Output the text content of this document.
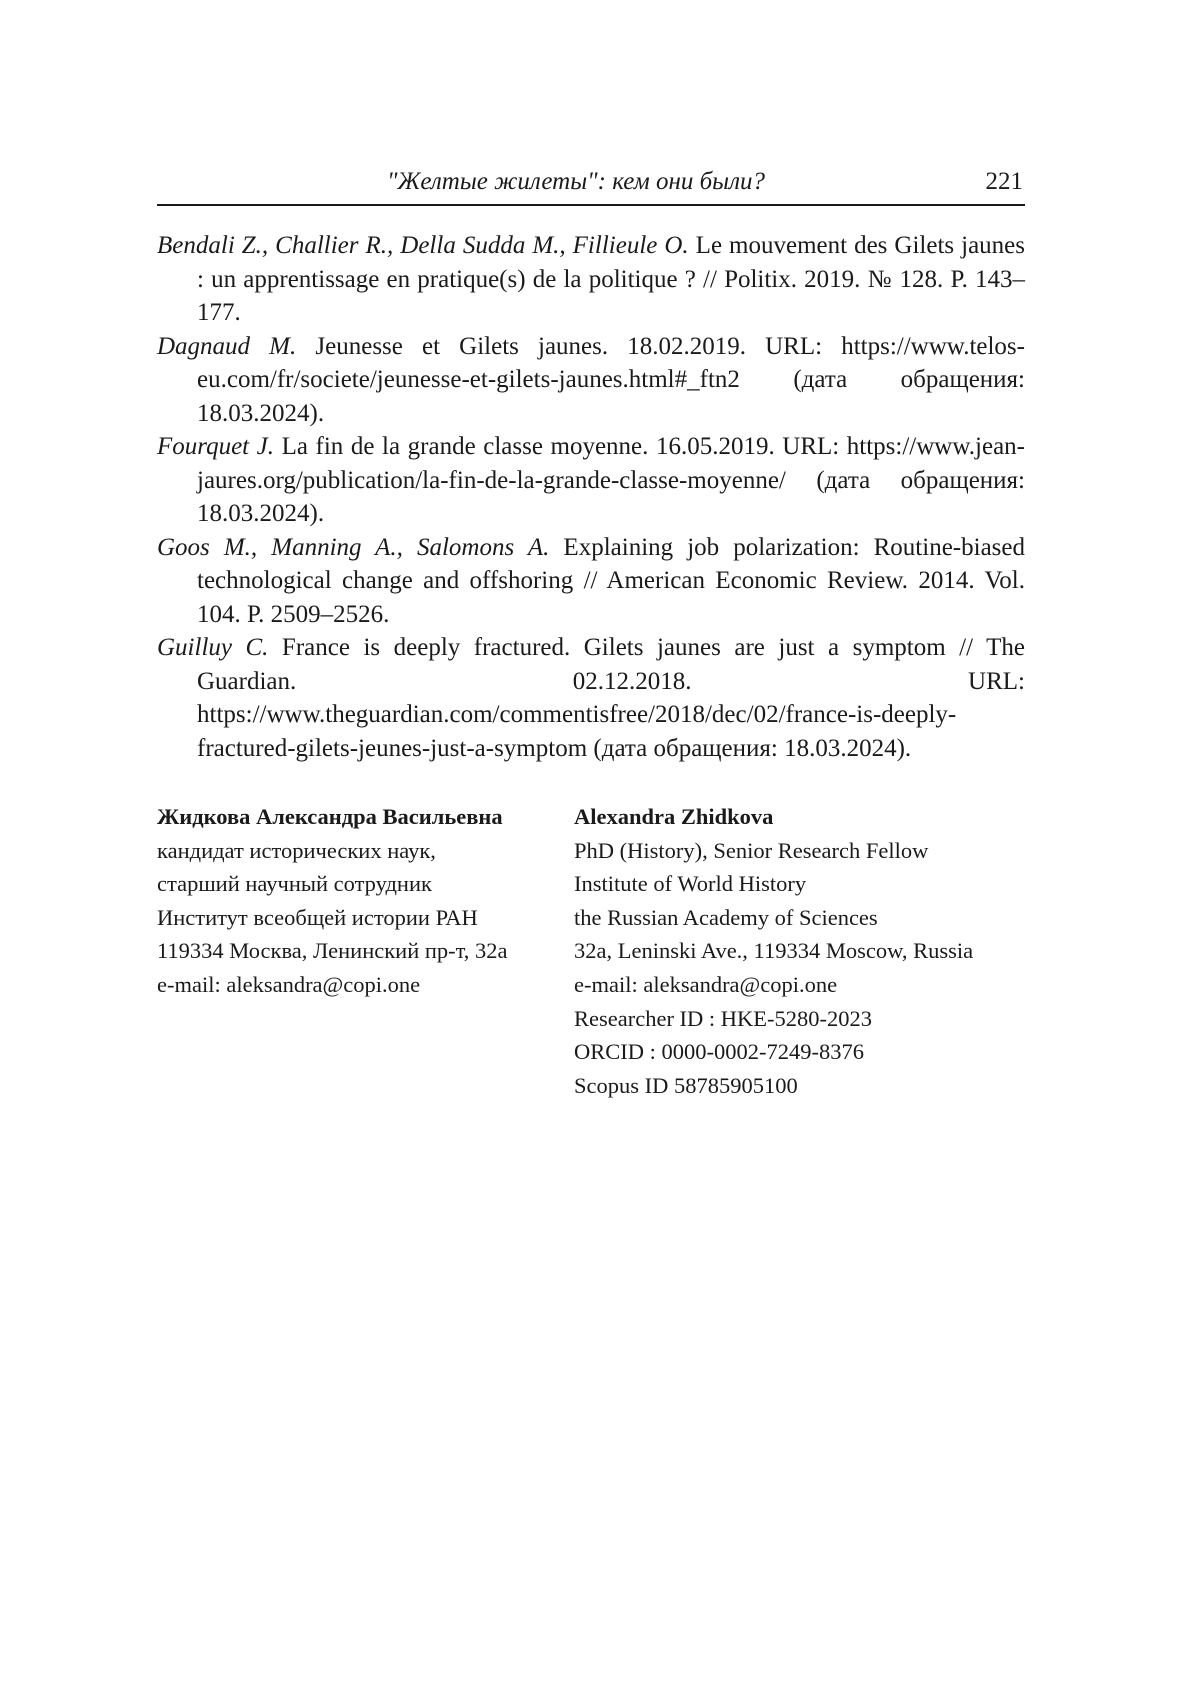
"Желтые жилеты": кем они были?	221

Bendali Z., Challier R., Della Sudda M., Fillieule O. Le mouvement des Gilets jaunes : un apprentissage en pratique(s) de la politique ? // Politix. 2019. № 128. P. 143–177.

Dagnaud M. Jeunesse et Gilets jaunes. 18.02.2019. URL: https://www.telos-eu.com/fr/societe/jeunesse-et-gilets-jaunes.html#_ftn2 (дата обращения: 18.03.2024).

Fourquet J. La fin de la grande classe moyenne. 16.05.2019. URL: https://www.jean-jaures.org/publication/la-fin-de-la-grande-classe-moyenne/ (дата обращения: 18.03.2024).

Goos M., Manning A., Salomons A. Explaining job polarization: Routine-biased technological change and offshoring // American Economic Review. 2014. Vol. 104. P. 2509–2526.

Guilluy C. France is deeply fractured. Gilets jaunes are just a symptom // The Guardian. 02.12.2018. URL: https://www.theguardian.com/commentisfree/2018/dec/02/france-is-deeply-fractured-gilets-jeunes-just-a-symptom (дата обращения: 18.03.2024).

Жидкова Александра Васильевна
кандидат исторических наук,
старший научный сотрудник
Институт всеобщей истории РАН
119334 Москва, Ленинский пр-т, 32а
e-mail: aleksandra@copi.one
Alexandra Zhidkova
PhD (History), Senior Research Fellow
Institute of World History
the Russian Academy of Sciences
32a, Leninski Ave., 119334 Moscow, Russia
e-mail: aleksandra@copi.one
Researcher ID : HKE-5280-2023
ORCID : 0000-0002-7249-8376
Scopus ID 58785905100
